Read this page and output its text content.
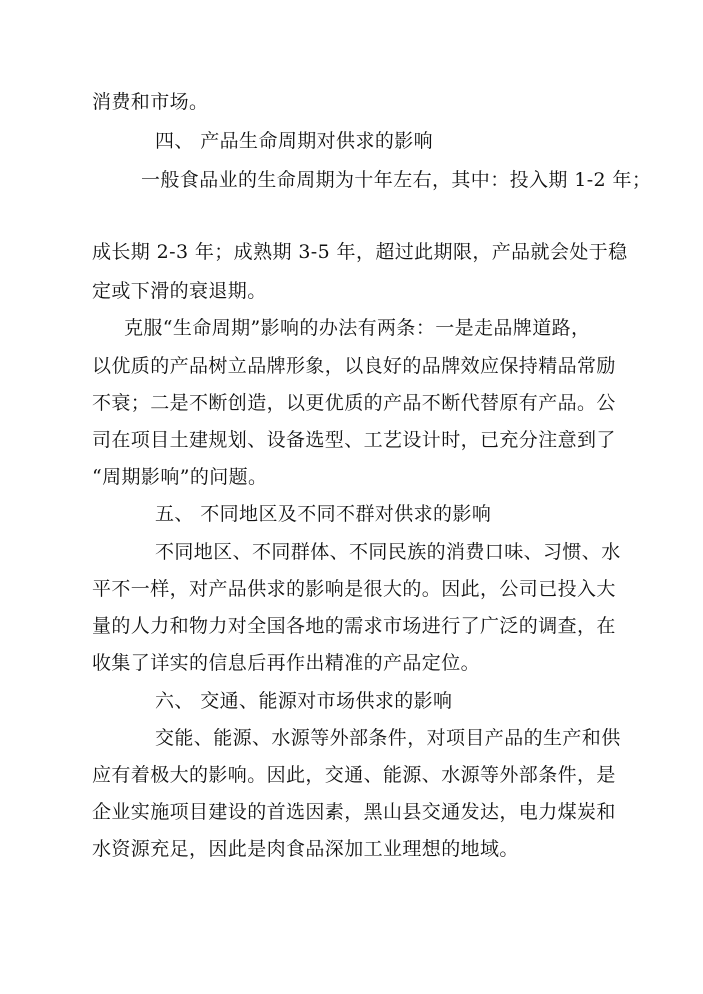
消费和市场。
四、 产品生命周期对供求的影响
一般食品业的生命周期为十年左右，其中：投入期 1-2 年；
成长期 2-3 年；成熟期 3-5 年，超过此期限，产品就会处于稳
定或下滑的衰退期。
克服“生命周期”影响的办法有两条：一是走品牌道路，
以优质的产品树立品牌形象，以良好的品牌效应保持精品常励
不衰；二是不断创造，以更优质的产品不断代替原有产品。公
司在项目土建规划、设备选型、工艺设计时，已充分注意到了
“周期影响”的问题。
五、 不同地区及不同不群对供求的影响
不同地区、不同群体、不同民族的消费口味、习惯、水
平不一样，对产品供求的影响是很大的。因此，公司已投入大
量的人力和物力对全国各地的需求市场进行了广泛的调查，在
收集了详实的信息后再作出精准的产品定位。
六、 交通、能源对市场供求的影响
交能、能源、水源等外部条件，对项目产品的生产和供
应有着极大的影响。因此，交通、能源、水源等外部条件，是
企业实施项目建设的首选因素，黑山县交通发达，电力煤炭和
水资源充足，因此是肉食品深加工业理想的地域。
